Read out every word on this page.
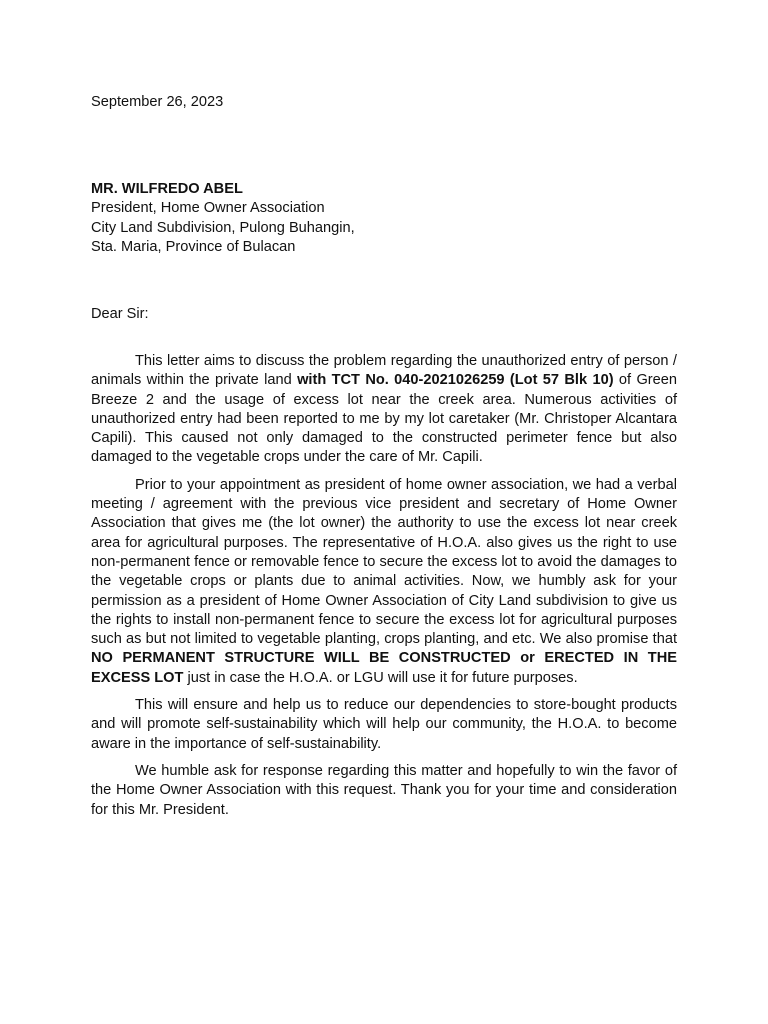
September 26, 2023
MR. WILFREDO ABEL
President, Home Owner Association
City Land Subdivision, Pulong Buhangin,
Sta. Maria, Province of Bulacan
Dear Sir:

This letter aims to discuss the problem regarding the unauthorized entry of person / animals within the private land with TCT No. 040-2021026259 (Lot 57 Blk 10) of Green Breeze 2 and the usage of excess lot near the creek area. Numerous activities of unauthorized entry had been reported to me by my lot caretaker (Mr. Christoper Alcantara Capili). This caused not only damaged to the constructed perimeter fence but also damaged to the vegetable crops under the care of Mr. Capili.

Prior to your appointment as president of home owner association, we had a verbal meeting / agreement with the previous vice president and secretary of Home Owner Association that gives me (the lot owner) the authority to use the excess lot near creek area for agricultural purposes. The representative of H.O.A. also gives us the right to use non-permanent fence or removable fence to secure the excess lot to avoid the damages to the vegetable crops or plants due to animal activities. Now, we humbly ask for your permission as a president of Home Owner Association of City Land subdivision to give us the rights to install non-permanent fence to secure the excess lot for agricultural purposes such as but not limited to vegetable planting, crops planting, and etc. We also promise that NO PERMANENT STRUCTURE WILL BE CONSTRUCTED or ERECTED IN THE EXCESS LOT just in case the H.O.A. or LGU will use it for future purposes.

This will ensure and help us to reduce our dependencies to store-bought products and will promote self-sustainability which will help our community, the H.O.A. to become aware in the importance of self-sustainability.

We humble ask for response regarding this matter and hopefully to win the favor of the Home Owner Association with this request. Thank you for your time and consideration for this Mr. President.
